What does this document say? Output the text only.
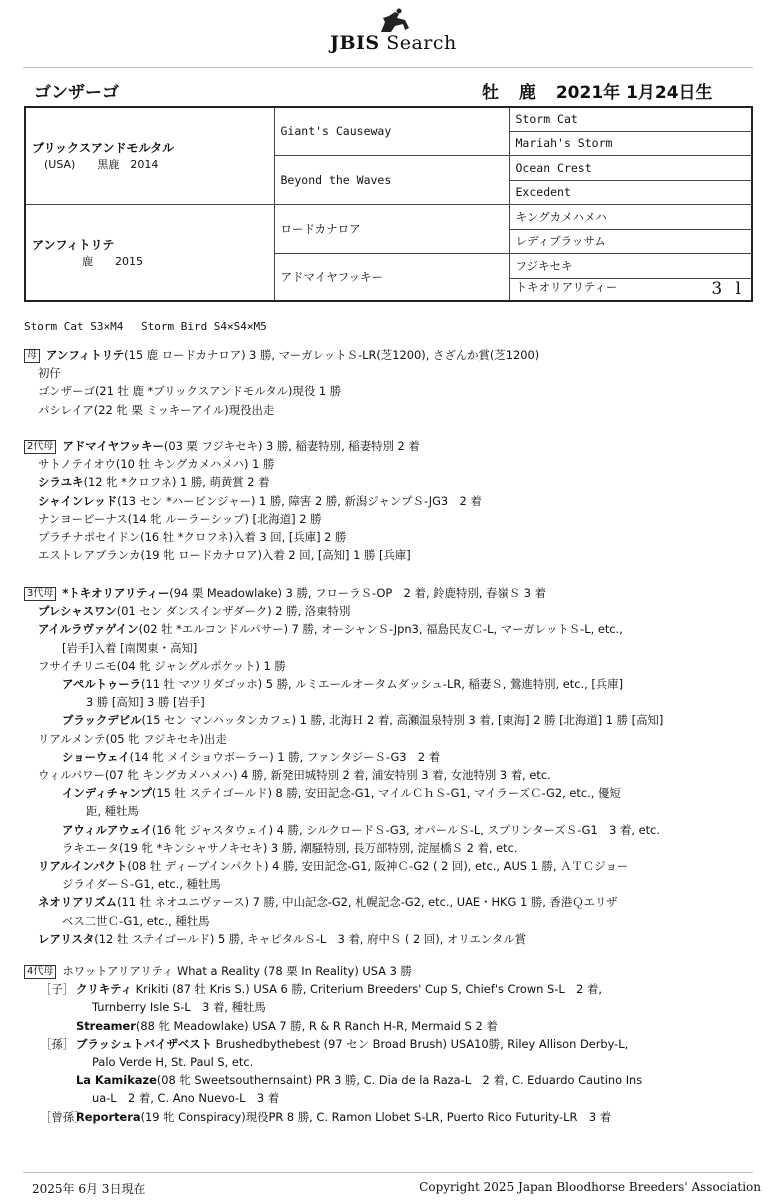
JBIS Search
ゴンザーゴ	牡 鹿 2021年 1月24日生
ブリックスアンドモルタル
(USA)　　黒鹿　2014	Giant's Causeway	Storm Cat
		Mariah's Storm
	Beyond the Waves	Ocean Crest
		Excedent

アンフィトリテ
鹿　　2015	ロードカナロア	キングカメハメハ
		レディブラッサム
	アドマイヤフッキー	フジキセキ
		トキオリアリティー 3 l
Storm Cat S3×M4　 Storm Bird S4×S4×M5
母 アンフィトリテ(15 鹿 ロードカナロア) 3 勝, マーガレットＳ-LR(芝1200), さざんか賞(芝1200)
初仔
ゴンザーゴ(21 牡 鹿 *ブリックスアンドモルタル)現役 1 勝
パシレイア(22 牝 栗 ミッキーアイル)現役出走
2代母 アドマイヤフッキー(03 栗 フジキセキ) 3 勝, 稲妻特別, 稲妻特別 2 着
サトノテイオウ(10 牡 キングカメハメハ) 1 勝
シラユキ(12 牝 *クロフネ) 1 勝, 萌黄賞 2 着
シャインレッド(13 セン *ハービンジャー) 1 勝, 障害 2 勝, 新潟ジャンプＳ-JG3　2 着
ナンヨービーナス(14 牝 ルーラーシップ) [北海道] 2 勝
プラチナポセイドン(16 牡 *クロフネ)入着 3 回, [兵庫] 2 勝
エストレアブランカ(19 牝 ロードカナロア)入着 2 回, [高知] 1 勝 [兵庫]
3代母 *トキオリアリティー(94 栗 Meadowlake) 3 勝, フローラＳ-OP　2 着, 鈴鹿特別, 春嶺Ｓ 3 着
プレシャスワン(01 セン ダンスインザダーク) 2 勝, 洛東特別
アイルラヴァゲイン(02 牡 *エルコンドルパサー) 7 勝, オーシャンＳ-Jpn3, 福島民友Ｃ-L, マーガレットＳ-L, etc.,
[岩手]入着 [南関東・高知]
フサイチリニモ(04 牝 ジャングルポケット) 1 勝
アペルトゥーラ(11 牡 マツリダゴッホ) 5 勝, ルミエールオータムダッシュ-LR, 稲妻Ｓ, 鶯進特別, etc., [兵庫]
3 勝 [高知] 3 勝 [岩手]
ブラックデビル(15 セン マンハッタンカフェ) 1 勝, 北海Ｈ 2 着, 高瀬温泉特別 3 着, [東海] 2 勝 [北海道] 1 勝 [高知]
リアルメンテ(05 牝 フジキセキ)出走
ショーウェイ(14 牝 メイショウボーラー) 1 勝, ファンタジーＳ-G3　2 着
ウィルパワー(07 牝 キングカメハメハ) 4 勝, 新発田城特別 2 着, 浦安特別 3 着, 女池特別 3 着, etc.
インディチャンプ(15 牡 ステイゴールド) 8 勝, 安田記念-G1, マイルＣｈＳ-G1, マイラーズＣ-G2, etc., 優短
距, 種牡馬
アウィルアウェイ(16 牝 ジャスタウェイ) 4 勝, シルクロードＳ-G3, オパールＳ-L, スプリンターズＳ-G1　3 着, etc.
ラキエータ(19 牝 *キンシャサノキセキ) 3 勝, 潮騒特別, 長万部特別, 淀屋橋Ｓ 2 着, etc.
リアルインパクト(08 牡 ディープインパクト) 4 勝, 安田記念-G1, 阪神Ｃ-G2 ( 2 回), etc., AUS 1 勝, ＡＴＣジョー
ジライダーＳ-G1, etc., 種牡馬
ネオリアリズム(11 牡 ネオユニヴァース) 7 勝, 中山記念-G2, 札幌記念-G2, etc., UAE・HKG 1 勝, 香港Ｑエリザ
ベス二世Ｃ-G1, etc., 種牡馬
レアリスタ(12 牡 ステイゴールド) 5 勝, キャピタルＳ-L　3 着, 府中Ｓ ( 2 回), オリエンタル賞
4代母 ホワットアリアリティ What a Reality (78 栗 In Reality) USA 3 勝
［子］ クリキティ Krikiti (87 牡 Kris S.) USA 6 勝, Criterium Breeders' Cup S, Chief's Crown S-L　2 着,
Turnberry Isle S-L　3 着, 種牡馬
Streamer(88 牝 Meadowlake) USA 7 勝, R & R Ranch H-R, Mermaid S 2 着
［孫］ ブラッシュトバイザベスト Brushedbythebest (97 セン Broad Brush) USA10勝, Riley Allison Derby-L,
Palo Verde H, St. Paul S, etc.
La Kamikaze(08 牝 Sweetsouthernsaint) PR 3 勝, C. Dia de la Raza-L　2 着, C. Eduardo Cautino Ins
ua-L　2 着, C. Ano Nuevo-L　3 着
［曾孫］Reportera(19 牝 Conspiracy)現役PR 8 勝, C. Ramon Llobet S-LR, Puerto Rico Futurity-LR　3 着
2025年 6月 3日現在	Copyright 2025 Japan Bloodhorse Breeders' Association
